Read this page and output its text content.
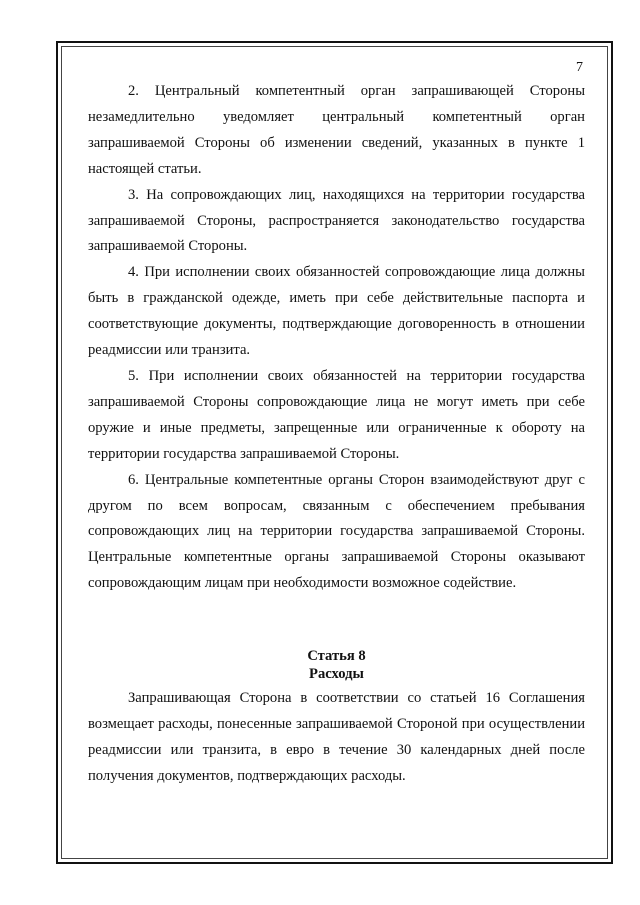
7

2. Центральный компетентный орган запрашивающей Стороны незамедлительно уведомляет центральный компетентный орган запрашиваемой Стороны об изменении сведений, указанных в пункте 1 настоящей статьи.

3. На сопровождающих лиц, находящихся на территории государства запрашиваемой Стороны, распространяется законодательство государства запрашиваемой Стороны.

4. При исполнении своих обязанностей сопровождающие лица должны быть в гражданской одежде, иметь при себе действительные паспорта и соответствующие документы, подтверждающие договоренность в отношении реадмиссии или транзита.

5. При исполнении своих обязанностей на территории государства запрашиваемой Стороны сопровождающие лица не могут иметь при себе оружие и иные предметы, запрещенные или ограниченные к обороту на территории государства запрашиваемой Стороны.

6. Центральные компетентные органы Сторон взаимодействуют друг с другом по всем вопросам, связанным с обеспечением пребывания сопровождающих лиц на территории государства запрашиваемой Стороны. Центральные компетентные органы запрашиваемой Стороны оказывают сопровождающим лицам при необходимости возможное содействие.

Статья 8
Расходы

Запрашивающая Сторона в соответствии со статьей 16 Соглашения возмещает расходы, понесенные запрашиваемой Стороной при осуществлении реадмиссии или транзита, в евро в течение 30 календарных дней после получения документов, подтверждающих расходы.
